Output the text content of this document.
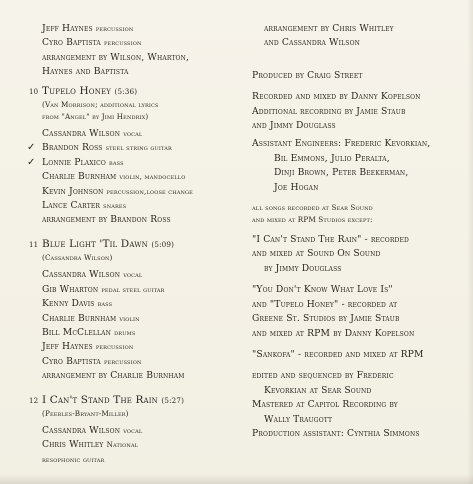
Jeff Haynes percussion
Cyro Baptista percussion
arrangement by Wilson, Wharton,
Haynes and Baptista
10 Tupelo Honey (5:36)
(Van Morrison; additional lyrics
from "Angel" by Jimi Hendrix)
Cassandra Wilson vocal
✓ Brandon Ross steel string guitar
✓ Lonnie Plaxico bass
Charlie Burnham violin, mandocello
Kevin Johnson percussion,loose change
Lance Carter snares
arrangement by Brandon Ross
11 Blue Light 'Til Dawn (5:09)
(Cassandra Wilson)
Cassandra Wilson vocal
Gib Wharton pedal steel guitar
Kenny Davis bass
Charlie Burnham violin
Bill McClellan drums
Jeff Haynes percussion
Cyro Baptista percussion
arrangement by Charlie Burnham
12 I Can't Stand The Rain (5:27)
(Peebles-Bryant-Miller)
Cassandra Wilson vocal
Chris Whitley National
resophonic guitar
arrangement by Chris Whitley
and Cassandra Wilson
Produced by Craig Street
Recorded and mixed by Danny Kopelson
Additional recording by Jamie Staub
and Jimmy Douglass
Assistant Engineers: Frederic Kevorkian,
Bil Emmons, Julio Peralta,
Dinji Brown, Peter Beekerman,
Joe Hogan
all songs recorded at Sear Sound
and mixed at RPM Studios except:
"I Can't Stand The Rain" - recorded
and mixed at Sound On Sound
by Jimmy Douglass
"You Don't Know What Love Is"
and "Tupelo Honey" - recorded at
Greene St. Studios by Jamie Staub
and mixed at RPM by Danny Kopelson
"Sankofa" - recorded and mixed at RPM
edited and sequenced by Frederic
Kevorkian at Sear Sound
Mastered at Capitol Recording by
Wally Traugott
Production assistant: Cynthia Simmons
